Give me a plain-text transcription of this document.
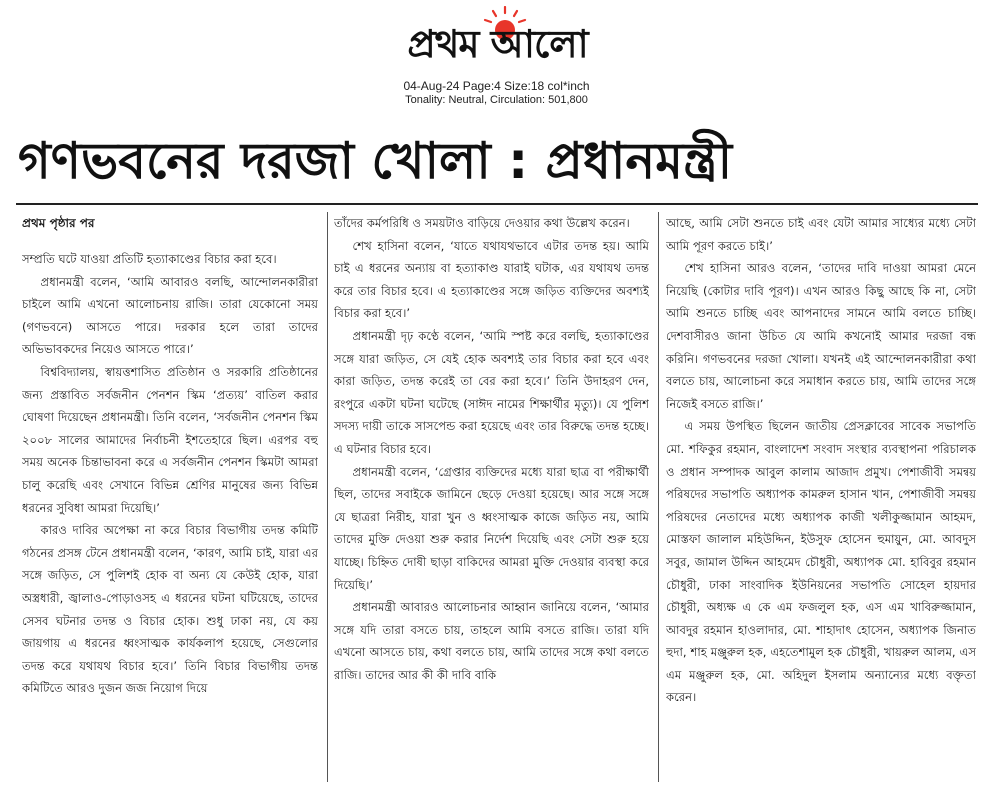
প্রথম আলো
04-Aug-24 Page:4 Size:18 col*inch
Tonality: Neutral, Circulation: 501,800
গণভবনের দরজা খোলা : প্রধানমন্ত্রী
প্রথম পৃষ্ঠার পর

সম্প্রতি ঘটে যাওয়া প্রতিটি হত্যাকাণ্ডের বিচার করা হবে।

প্রধানমন্ত্রী বলেন, ‘আমি আবারও বলছি, আন্দোলনকারীরা চাইলে আমি এখনো আলোচনায় রাজি। তারা যেকোনো সময় (গণভবনে) আসতে পারে। দরকার হলে তারা তাদের অভিভাবকদের নিয়েও আসতে পারে।’

বিশ্ববিদ্যালয়, স্বায়ত্তশাসিত প্রতিষ্ঠান ও সরকারি প্রতিষ্ঠানের জন্য প্রস্তাবিত সর্বজনীন পেনশন স্কিম ‘প্রত্যয়’ বাতিল করার ঘোষণা দিয়েছেন প্রধানমন্ত্রী। তিনি বলেন, ‘সর্বজনীন পেনশন স্কিম ২০০৮ সালের আমাদের নির্বাচনী ইশতেহারে ছিল। এরপর বহু সময় অনেক চিন্তাভাবনা করে এ সর্বজনীন পেনশন স্কিমটা আমরা চালু করেছি এবং সেখানে বিভিন্ন শ্রেণির মানুষের জন্য বিভিন্ন ধরনের সুবিধা আমরা দিয়েছি।’

কারও দাবির অপেক্ষা না করে বিচার বিভাগীয় তদন্ত কমিটি গঠনের প্রসঙ্গ টেনে প্রধানমন্ত্রী বলেন, ‘কারণ, আমি চাই, যারা এর সঙ্গে জড়িত, সে পুলিশই হোক বা অন্য যে কেউই হোক, যারা অস্ত্রধারী, জ্বালাও-পোড়াওসহ এ ধরনের ঘটনা ঘটিয়েছে, তাদের সেসব ঘটনার তদন্ত ও বিচার হোক। শুধু ঢাকা নয়, যে কয় জায়গায় এ ধরনের ধ্বংসাত্মক কার্যকলাপ হয়েছে, সেগুলোর তদন্ত করে যথাযথ বিচার হবে।’ তিনি বিচার বিভাগীয় তদন্ত কমিটিতে আরও দুজন জজ নিয়োগ দিয়ে

তাঁদের কর্মপরিধি ও সময়টাও বাড়িয়ে দেওয়ার কথা উল্লেখ করেন।

শেখ হাসিনা বলেন, ‘যাতে যথাযথভাবে এটার তদন্ত হয়। আমি চাই এ ধরনের অন্যায় বা হত্যাকাণ্ড যারাই ঘটাক, এর যথাযথ তদন্ত করে তার বিচার হবে। এ হত্যাকাণ্ডের সঙ্গে জড়িত ব্যক্তিদের অবশ্যই বিচার করা হবে।’

প্রধানমন্ত্রী দৃঢ় কণ্ঠে বলেন, ‘আমি স্পষ্ট করে বলছি, হত্যাকাণ্ডের সঙ্গে যারা জড়িত, সে যেই হোক অবশ্যই তার বিচার করা হবে এবং কারা জড়িত, তদন্ত করেই তা বের করা হবে।’ তিনি উদাহরণ দেন, রংপুরে একটা ঘটনা ঘটেছে (সাঈদ নামের শিক্ষার্থীর মৃত্যু)। যে পুলিশ সদস্য দায়ী তাকে সাসপেন্ড করা হয়েছে এবং তার বিরুদ্ধে তদন্ত হচ্ছে। এ ঘটনার বিচার হবে।

প্রধানমন্ত্রী বলেন, ‘গ্রেপ্তার ব্যক্তিদের মধ্যে যারা ছাত্র বা পরীক্ষার্থী ছিল, তাদের সবাইকে জামিনে ছেড়ে দেওয়া হয়েছে। আর সঙ্গে সঙ্গে যে ছাত্ররা নিরীহ, যারা খুন ও ধ্বংসাত্মক কাজে জড়িত নয়, আমি তাদের মুক্তি দেওয়া শুরু করার নির্দেশ দিয়েছি এবং সেটা শুরু হয়ে যাচ্ছে। চিহ্নিত দোষী ছাড়া বাকিদের আমরা মুক্তি দেওয়ার ব্যবস্থা করে দিয়েছি।’

প্রধানমন্ত্রী আবারও আলোচনার আহ্বান জানিয়ে বলেন, ‘আমার সঙ্গে যদি তারা বসতে চায়, তাহলে আমি বসতে রাজি। তারা যদি এখনো আসতে চায়, কথা বলতে চায়, আমি তাদের সঙ্গে কথা বলতে রাজি। তাদের আর কী কী দাবি বাকি

আছে, আমি সেটা শুনতে চাই এবং যেটা আমার সাধ্যের মধ্যে সেটা আমি পূরণ করতে চাই।’

শেখ হাসিনা আরও বলেন, ‘তাদের দাবি দাওয়া আমরা মেনে নিয়েছি (কোটার দাবি পূরণ)। এখন আরও কিছু আছে কি না, সেটা আমি শুনতে চাচ্ছি এবং আপনাদের সামনে আমি বলতে চাচ্ছি। দেশবাসীরও জানা উচিত যে আমি কখনোই আমার দরজা বন্ধ করিনি। গণভবনের দরজা খোলা। যখনই এই আন্দোলনকারীরা কথা বলতে চায়, আলোচনা করে সমাধান করতে চায়, আমি তাদের সঙ্গে নিজেই বসতে রাজি।’

এ সময় উপস্থিত ছিলেন জাতীয় প্রেসক্লাবের সাবেক সভাপতি মো. শফিকুর রহমান, বাংলাদেশ সংবাদ সংস্থার ব্যবস্থাপনা পরিচালক ও প্রধান সম্পাদক আবুল কালাম আজাদ প্রমুখ। পেশাজীবী সমন্বয় পরিষদের সভাপতি অধ্যাপক কামরুল হাসান খান, পেশাজীবী সমন্বয় পরিষদের নেতাদের মধ্যে অধ্যাপক কাজী খলীকুজ্জামান আহমদ, মোস্তফা জালাল মহিউদ্দিন, ইউসুফ হোসেন হুমায়ুন, মো. আবদুস সবুর, জামাল উদ্দিন আহমেদ চৌধুরী, অধ্যাপক মো. হাবিবুর রহমান চৌধুরী, ঢাকা সাংবাদিক ইউনিয়নের সভাপতি সোহেল হায়দার চৌধুরী, অধ্যক্ষ এ কে এম ফজলুল হক, এস এম খাবিরুজ্জামান, আবদুর রহমান হাওলাদার, মো. শাহাদাৎ হোসেন, অধ্যাপক জিনাত হুদা, শাহ মঞ্জুরুল হক, এহতেশামুল হক চৌধুরী, খায়রুল আলম, এস এম মঞ্জুরুল হক, মো. অহিদুল ইসলাম অন্যান্যের মধ্যে বক্তৃতা করেন।
